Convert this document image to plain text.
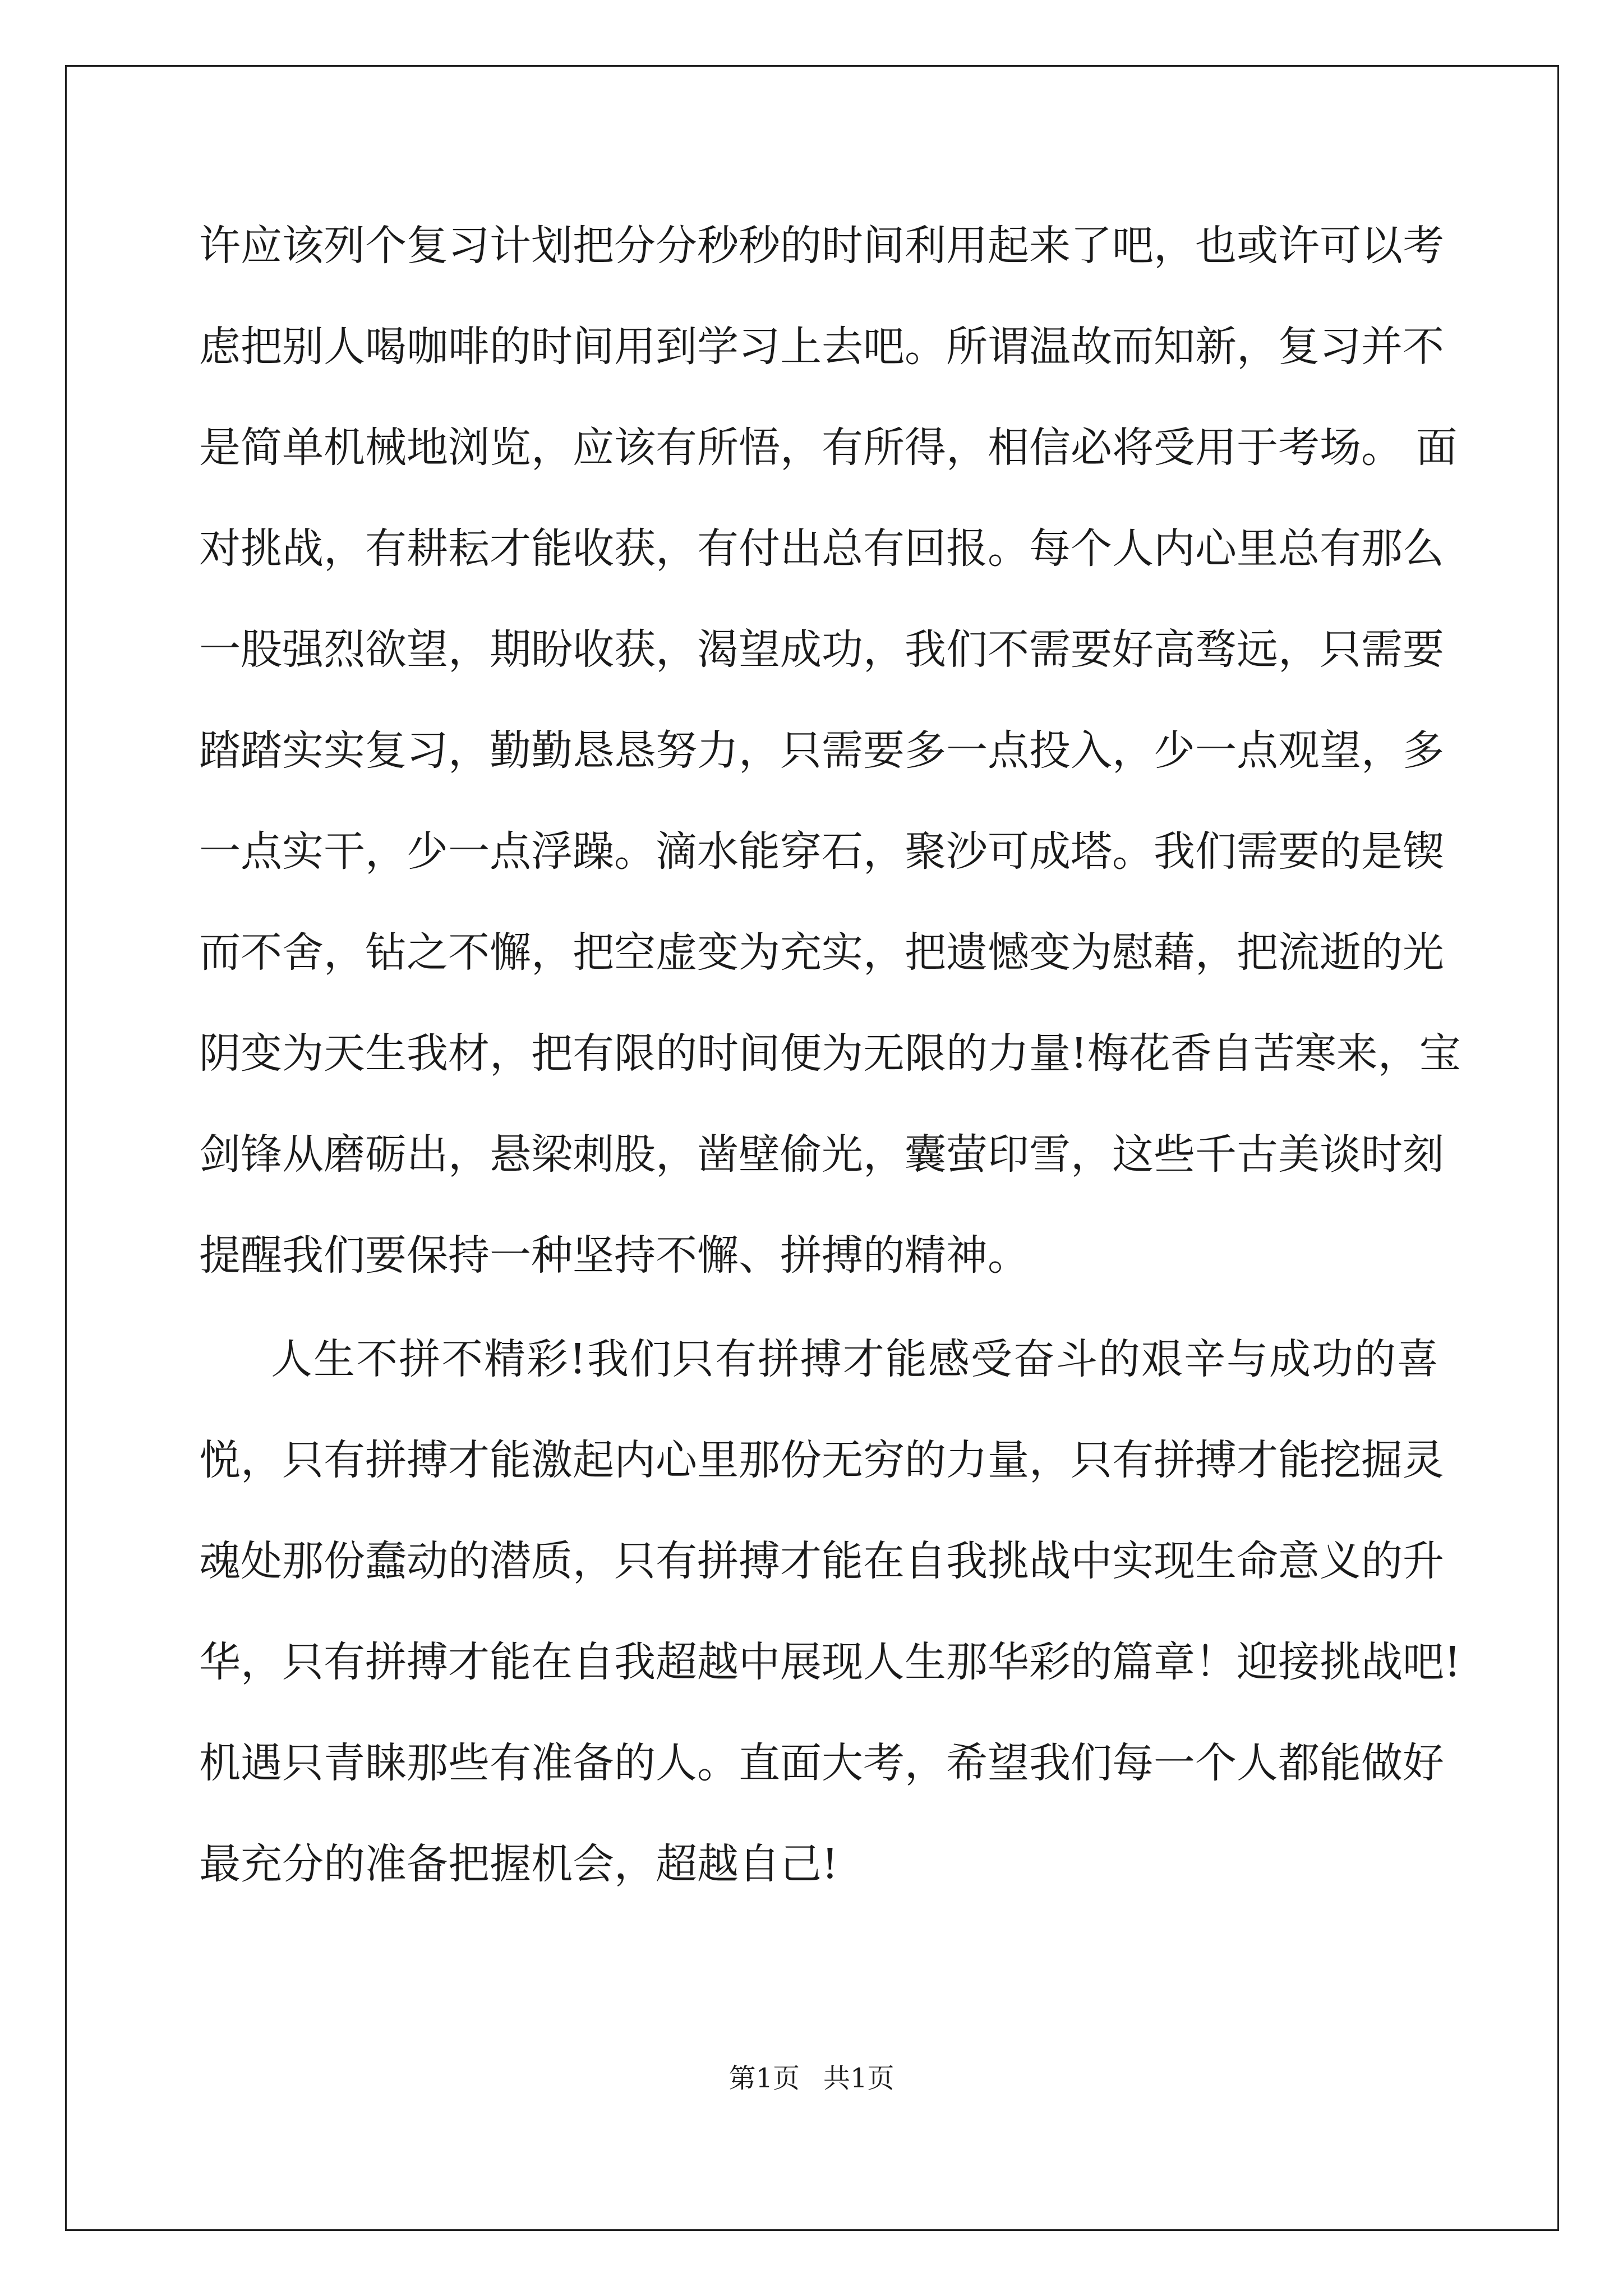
许应该列个复习计划把分分秒秒的时间利用起来了吧，也或许可以考
虑把别人喝咖啡的时间用到学习上去吧。所谓温故而知新，复习并不
是简单机械地浏览，应该有所悟，有所得，相信必将受用于考场。 面
对挑战，有耕耘才能收获，有付出总有回报。每个人内心里总有那么
一股强烈欲望，期盼收获，渴望成功，我们不需要好高骛远，只需要
踏踏实实复习，勤勤恳恳努力，只需要多一点投入，少一点观望，多
一点实干，少一点浮躁。滴水能穿石，聚沙可成塔。我们需要的是锲
而不舍，钻之不懈，把空虚变为充实，把遗憾变为慰藉，把流逝的光
阴变为天生我材，把有限的时间便为无限的力量!梅花香自苦寒来，宝
剑锋从磨砺出，悬梁刺股，凿壁偷光，囊萤印雪，这些千古美谈时刻
提醒我们要保持一种坚持不懈、拼搏的精神。
人生不拼不精彩!我们只有拼搏才能感受奋斗的艰辛与成功的喜
悦，只有拼搏才能激起内心里那份无穷的力量，只有拼搏才能挖掘灵
魂处那份蠢动的潜质，只有拼搏才能在自我挑战中实现生命意义的升
华，只有拼搏才能在自我超越中展现人生那华彩的篇章！迎接挑战吧!
机遇只青睐那些有准备的人。直面大考，希望我们每一个人都能做好
最充分的准备把握机会，超越自己!
第1页 共1页
